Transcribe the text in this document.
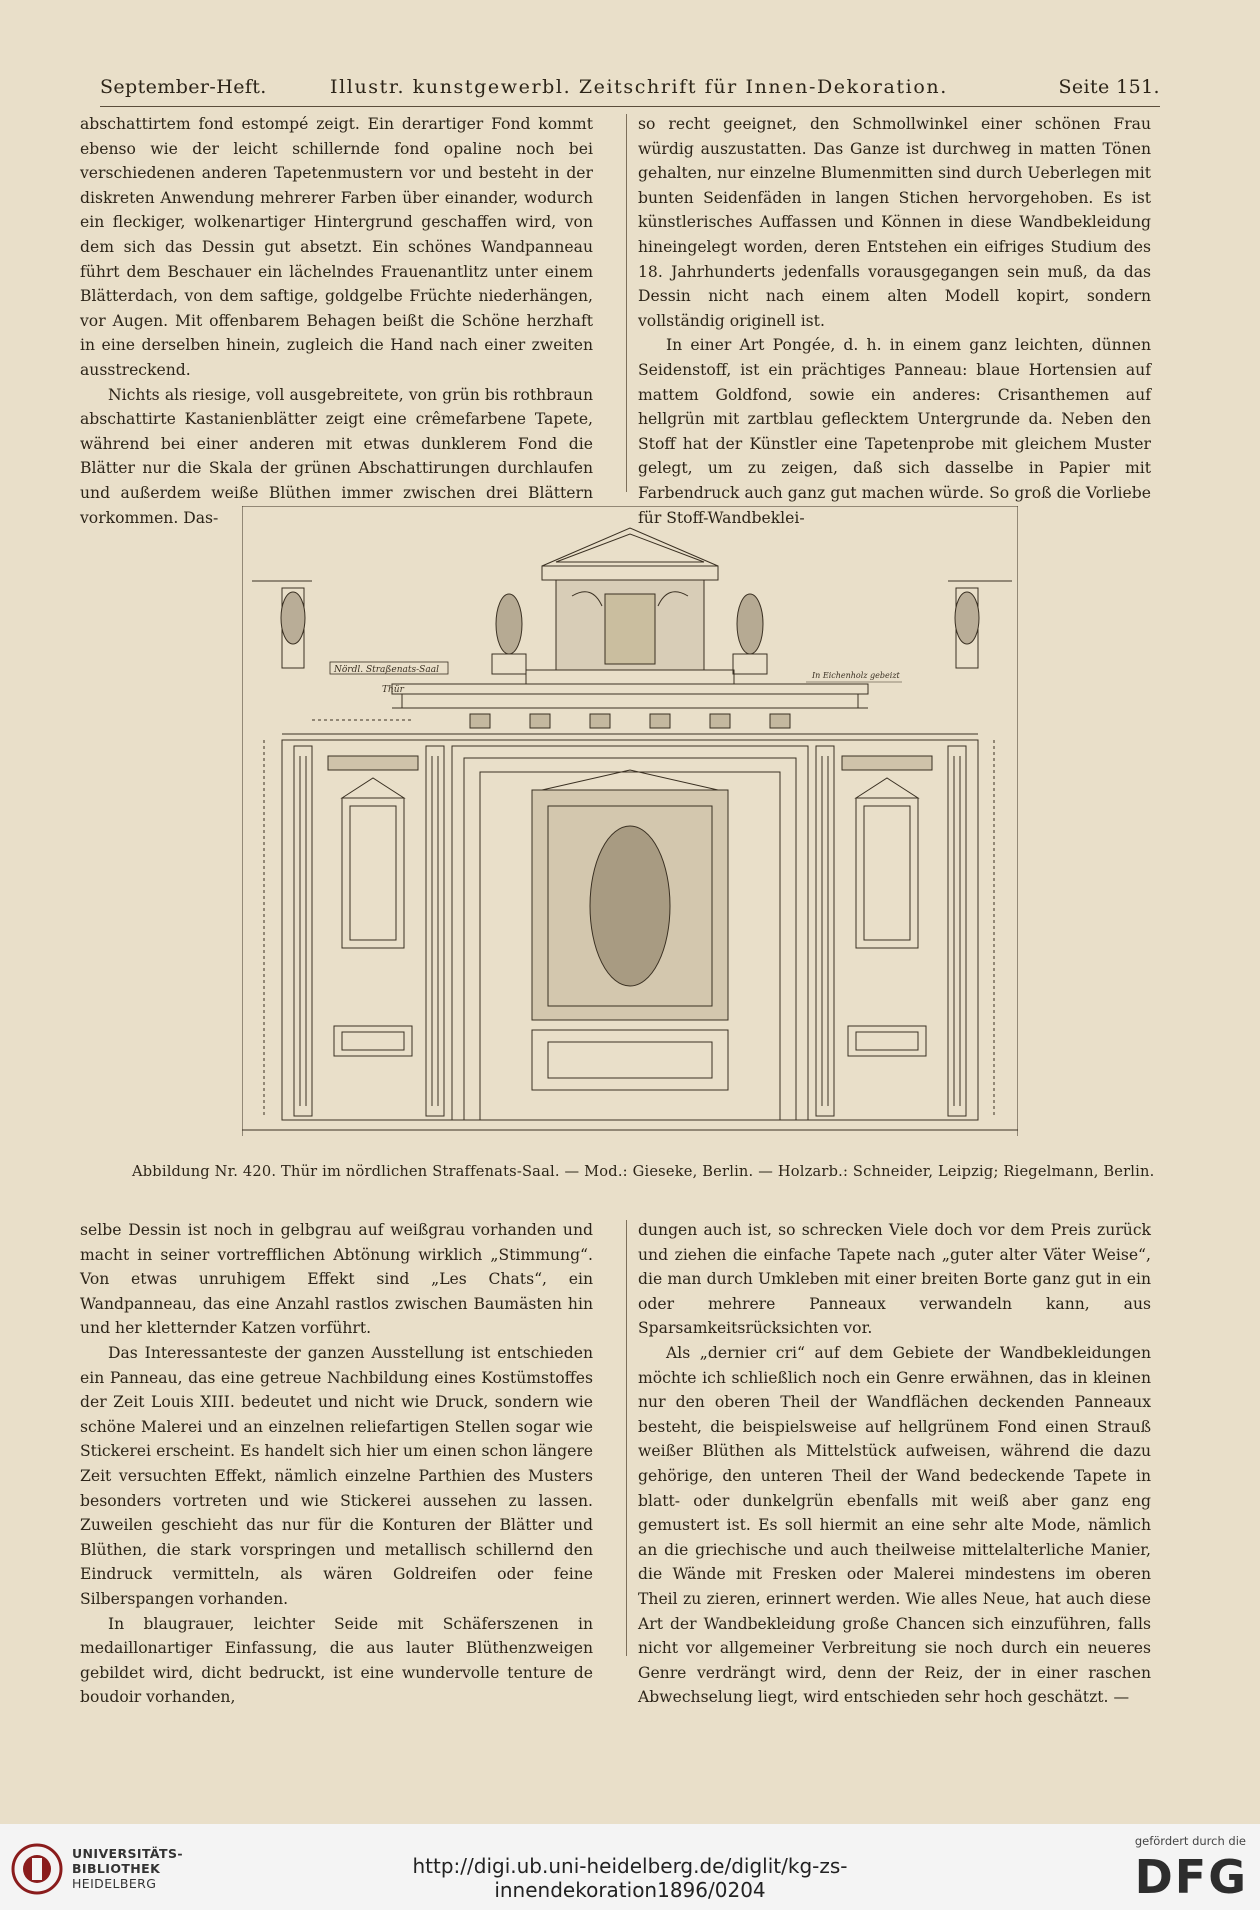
September-Heft.	Illustr. kunstgewerbl. Zeitschrift für Innen-Dekoration.	Seite 151.

abschattirtem fond estompé zeigt. Ein derartiger Fond kommt ebenso wie der leicht schillernde fond opaline noch bei verschiedenen anderen Tapetenmustern vor und besteht in der diskreten Anwendung mehrerer Farben über einander, wodurch ein fleckiger, wolkenartiger Hintergrund geschaffen wird, von dem sich das Dessin gut absetzt. Ein schönes Wandpanneau führt dem Beschauer ein lächelndes Frauenantlitz unter einem Blätterdach, von dem saftige, goldgelbe Früchte niederhängen, vor Augen. Mit offenbarem Behagen beißt die Schöne herzhaft in eine derselben hinein, zugleich die Hand nach einer zweiten ausstreckend.

Nichts als riesige, voll ausgebreitete, von grün bis rothbraun abschattirte Kastanienblätter zeigt eine crêmefarbene Tapete, während bei einer anderen mit etwas dunklerem Fond die Blätter nur die Skala der grünen Abschattirungen durchlaufen und außerdem weiße Blüthen immer zwischen drei Blättern vorkommen. Das-

so recht geeignet, den Schmollwinkel einer schönen Frau würdig auszustatten. Das Ganze ist durchweg in matten Tönen gehalten, nur einzelne Blumenmitten sind durch Ueberlegen mit bunten Seidenfäden in langen Stichen hervorgehoben. Es ist künstlerisches Auffassen und Können in diese Wandbekleidung hineingelegt worden, deren Entstehen ein eifriges Studium des 18. Jahrhunderts jedenfalls vorausgegangen sein muß, da das Dessin nicht nach einem alten Modell kopirt, sondern vollständig originell ist.

In einer Art Pongée, d. h. in einem ganz leichten, dünnen Seidenstoff, ist ein prächtiges Panneau: blaue Hortensien auf mattem Goldfond, sowie ein anderes: Crisanthemen auf hellgrün mit zartblau geflecktem Untergrunde da. Neben den Stoff hat der Künstler eine Tapetenprobe mit gleichem Muster gelegt, um zu zeigen, daß sich dasselbe in Papier mit Farbendruck auch ganz gut machen würde. So groß die Vorliebe für Stoff-Wandbeklei-

Nördl. Straßenats-Saal
Thür
In Eichenholz gebeizt
Abbildung Nr. 420. Thür im nördlichen Straffenats-Saal. — Mod.: Gieseke, Berlin. — Holzarb.: Schneider, Leipzig; Riegelmann, Berlin.

selbe Dessin ist noch in gelbgrau auf weißgrau vorhanden und macht in seiner vortrefflichen Abtönung wirklich „Stimmung“. Von etwas unruhigem Effekt sind „Les Chats“, ein Wandpanneau, das eine Anzahl rastlos zwischen Baumästen hin und her kletternder Katzen vorführt.

Das Interessanteste der ganzen Ausstellung ist entschieden ein Panneau, das eine getreue Nachbildung eines Kostümstoffes der Zeit Louis XIII. bedeutet und nicht wie Druck, sondern wie schöne Malerei und an einzelnen reliefartigen Stellen sogar wie Stickerei erscheint. Es handelt sich hier um einen schon längere Zeit versuchten Effekt, nämlich einzelne Parthien des Musters besonders vortreten und wie Stickerei aussehen zu lassen. Zuweilen geschieht das nur für die Konturen der Blätter und Blüthen, die stark vorspringen und metallisch schillernd den Eindruck vermitteln, als wären Goldreifen oder feine Silberspangen vorhanden.

In blaugrauer, leichter Seide mit Schäferszenen in medaillonartiger Einfassung, die aus lauter Blüthenzweigen gebildet wird, dicht bedruckt, ist eine wundervolle tenture de boudoir vorhanden,

dungen auch ist, so schrecken Viele doch vor dem Preis zurück und ziehen die einfache Tapete nach „guter alter Väter Weise“, die man durch Umkleben mit einer breiten Borte ganz gut in ein oder mehrere Panneaux verwandeln kann, aus Sparsamkeitsrücksichten vor.

Als „dernier cri“ auf dem Gebiete der Wandbekleidungen möchte ich schließlich noch ein Genre erwähnen, das in kleinen nur den oberen Theil der Wandflächen deckenden Panneaux besteht, die beispielsweise auf hellgrünem Fond einen Strauß weißer Blüthen als Mittelstück aufweisen, während die dazu gehörige, den unteren Theil der Wand bedeckende Tapete in blatt- oder dunkelgrün ebenfalls mit weiß aber ganz eng gemustert ist. Es soll hiermit an eine sehr alte Mode, nämlich an die griechische und auch theilweise mittelalterliche Manier, die Wände mit Fresken oder Malerei mindestens im oberen Theil zu zieren, erinnert werden. Wie alles Neue, hat auch diese Art der Wandbekleidung große Chancen sich einzuführen, falls nicht vor allgemeiner Verbreitung sie noch durch ein neueres Genre verdrängt wird, denn der Reiz, der in einer raschen Abwechselung liegt, wird entschieden sehr hoch geschätzt. —

UNIVERSITÄTS-
BIBLIOTHEK
HEIDELBERG
http://digi.ub.uni-heidelberg.de/diglit/kg-zs-innendekoration1896/0204
gefördert durch die
DFG
